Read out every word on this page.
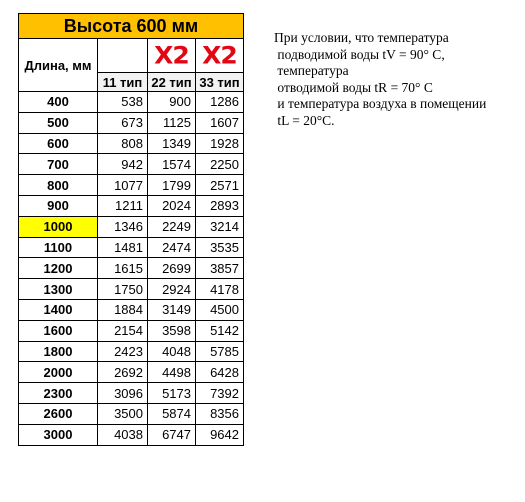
Высота 600 мм			
Длина, мм		X2	X2
	11 тип	22 тип	33 тип
400	538	900	1286
500	673	1125	1607
600	808	1349	1928
700	942	1574	2250
800	1077	1799	2571
900	1211	2024	2893
1000	1346	2249	3214
1100	1481	2474	3535
1200	1615	2699	3857
1300	1750	2924	4178
1400	1884	3149	4500
1600	2154	3598	5142
1800	2423	4048	5785
2000	2692	4498	6428
2300	3096	5173	7392
2600	3500	5874	8356
3000	4038	6747	9642
При условии, что температура
подводимой воды tV = 90° C,
температура
отводимой воды tR = 70° C
и температура воздуха в помещении
tL = 20°C.
